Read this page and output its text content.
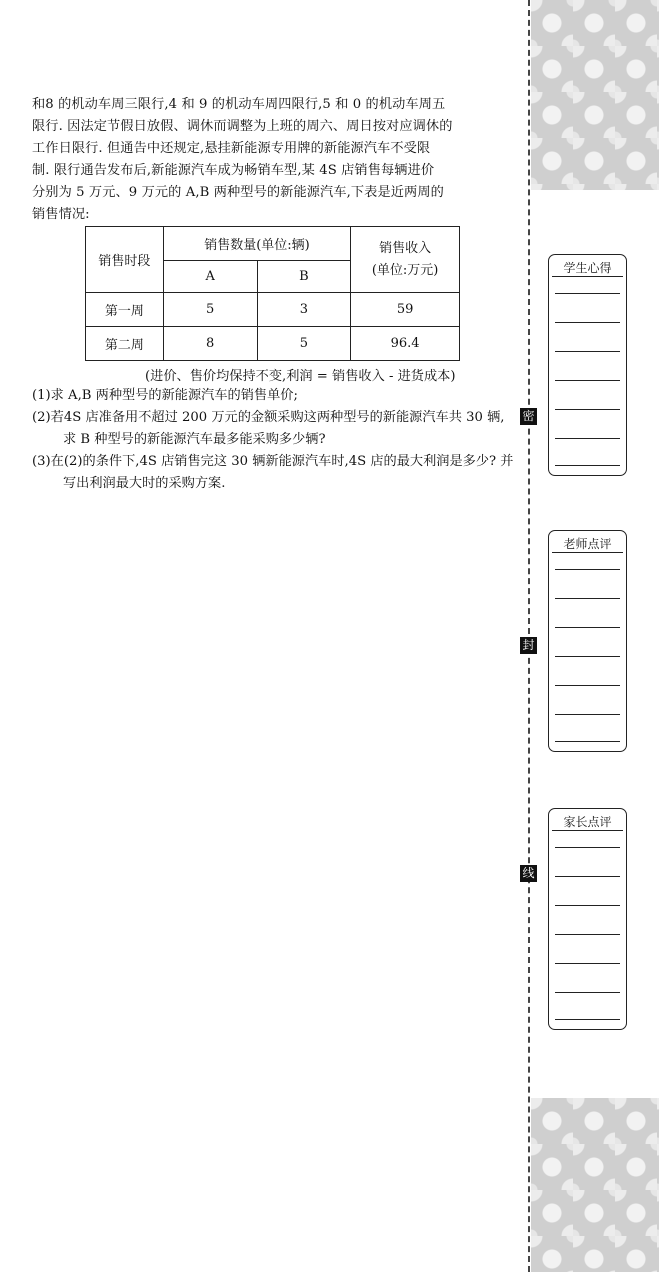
和8 的机动车周三限行,4 和 9 的机动车周四限行,5 和 0 的机动车周五

限行. 因法定节假日放假、调休而调整为上班的周六、周日按对应调休的

工作日限行. 但通告中还规定,悬挂新能源专用牌的新能源汽车不受限

制. 限行通告发布后,新能源汽车成为畅销车型,某 4S 店销售每辆进价

分别为 5 万元、9 万元的 A,B 两种型号的新能源汽车,下表是近两周的

销售情况:

销售时段	销售数量(单位:辆)		销售收入
(单位:万元)

	A	B	
第一周	5	3	59
第二周	8	5	96.4
(进价、售价均保持不变,利润 = 销售收入 - 进货成本)

(1)求 A,B 两种型号的新能源汽车的销售单价;

(2)若4S 店准备用不超过 200 万元的金额采购这两种型号的新能源汽车共 30 辆,求 B 种型号的新能源汽车最多能采购多少辆?

(3)在(2)的条件下,4S 店销售完这 30 辆新能源汽车时,4S 店的最大利润是多少? 并写出利润最大时的采购方案.

学生心得
老师点评
家长点评
密
封
线
